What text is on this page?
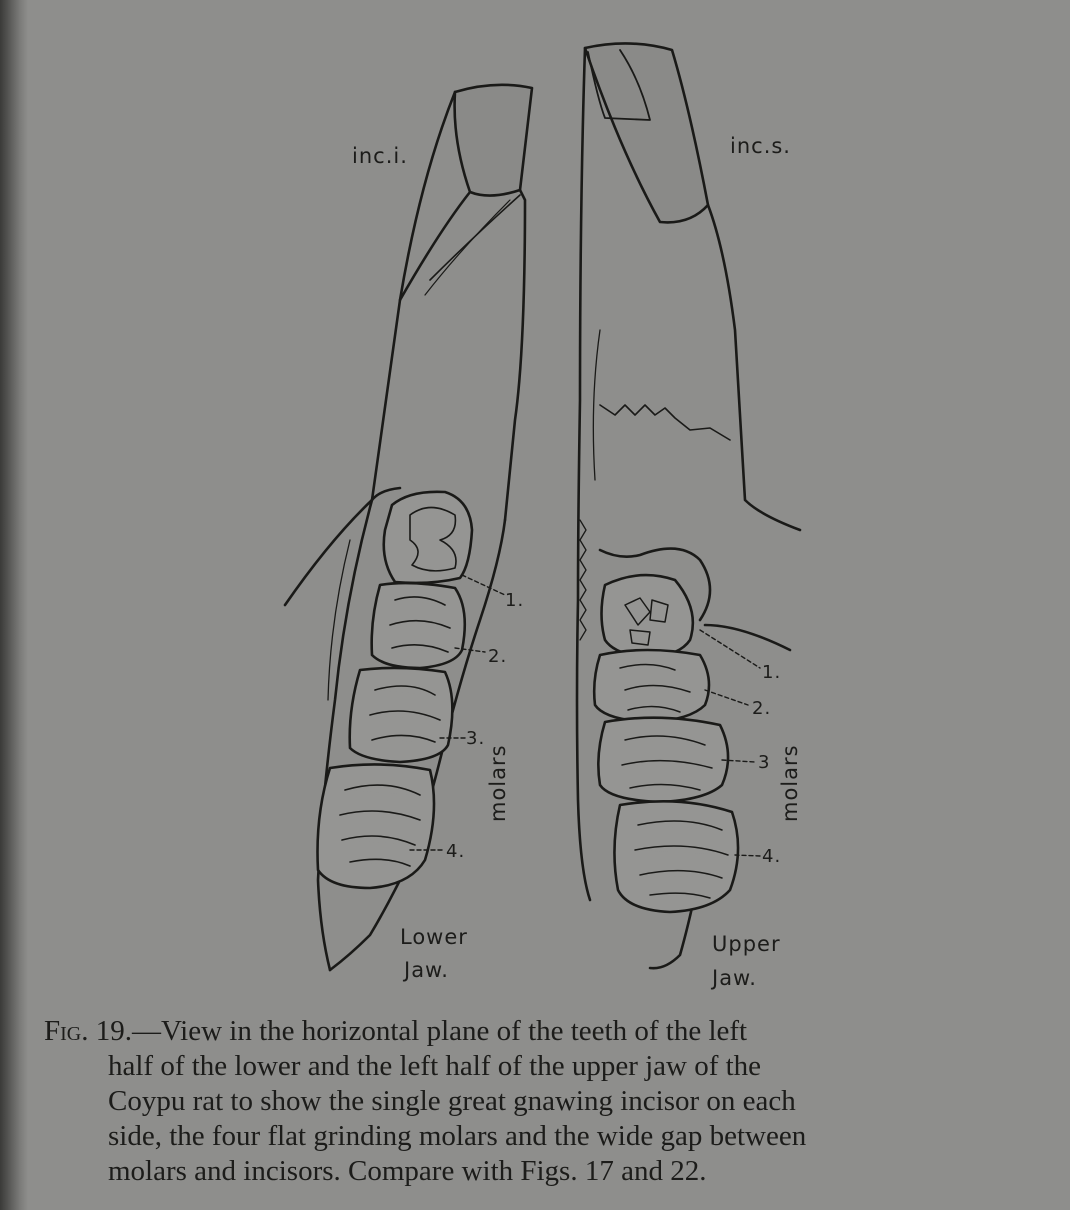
inc.i.	inc.s.
1.
2.
3.
4.
1.
2.
3
4.
molars	molars
Lower
Jaw.
Upper
Jaw.
Fig. 19.—View in the horizontal plane of the teeth of the left
half of the lower and the left half of the upper jaw of the
Coypu rat to show the single great gnawing incisor on each
side, the four flat grinding molars and the wide gap between
molars and incisors. Compare with Figs. 17 and 22.
